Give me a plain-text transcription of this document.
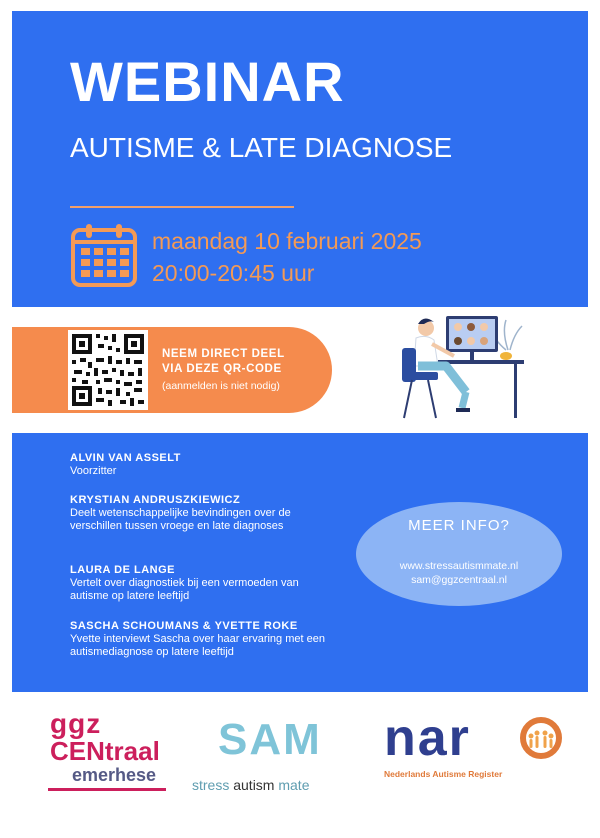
WEBINAR
AUTISME & LATE DIAGNOSE
maandag 10 februari 2025
20:00-20:45 uur
NEEM DIRECT DEEL
VIA DEZE QR-CODE
(aanmelden is niet nodig)
ALVIN VAN ASSELT
Voorzitter
KRYSTIAN ANDRUSZKIEWICZ
Deelt wetenschappelijke bevindingen over de verschillen tussen vroege en late diagnoses
LAURA DE LANGE
Vertelt over diagnostiek bij een vermoeden van autisme op latere leeftijd
SASCHA SCHOUMANS & YVETTE ROKE
Yvette interviewt Sascha over haar ervaring met een autismediagnose op latere leeftijd
MEER INFO?
www.stressautismmate.nl
sam@ggzcentraal.nl
ggz
CENtraal
emerhese
SAM
stress autism mate
nar
Nederlands Autisme Register
